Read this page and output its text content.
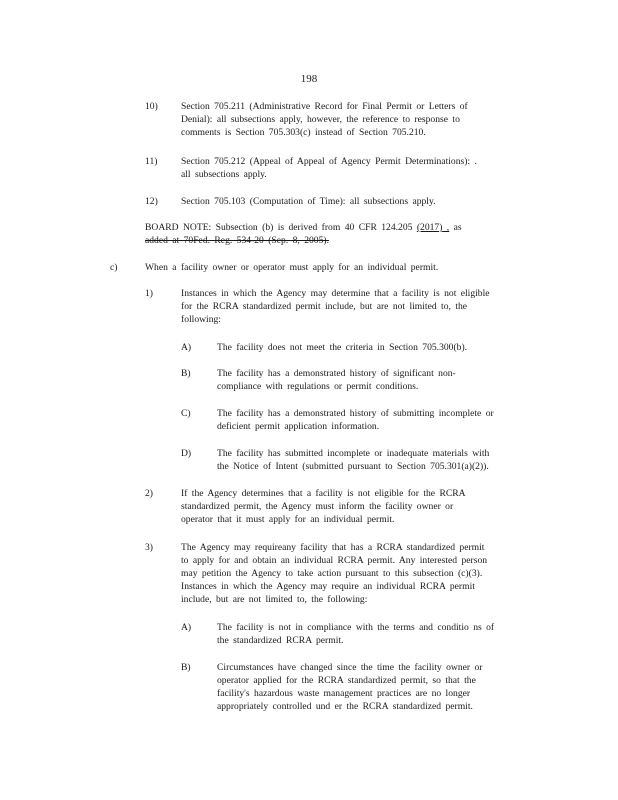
198
10) Section 705.211 (Administrative Record for Final Permit or Letters of
Denial): all subsections apply, however, the reference to response to
comments is Section 705.303(c) instead of Section 705.210.
11) Section 705.212 (Appeal of Appeal of Agency Permit Determinations): .
all subsections apply.
12) Section 705.103 (Computation of Time): all subsections apply.
BOARD NOTE: Subsection (b) is derived from 40 CFR 124.205 (2017) , as
added at 70Fed. Reg. 534-20 (Sep. 8, 2005).
c)	When a facility owner or operator must apply for an individual permit.
1)	Instances in which the Agency may determine that a facility is not eligible
for the RCRA standardized permit include, but are not limited to, the
following:
A)	The facility does not meet the criteria in Section 705.300(b).
B)	The facility has a demonstrated history of significant non-
compliance with regulations or permit conditions.
C)	The facility has a demonstrated history of submitting incomplete or
deficient permit application information.
D)	The facility has submitted incomplete or inadequate materials with
the Notice of Intent (submitted pursuant to Section 705.301(a)(2)).
2)	If the Agency determines that a facility is not eligible for the RCRA
standardized permit, the Agency must inform the facility owner or
operator that it must apply for an individual permit.
3)	The Agency may requireany facility that has a RCRA standardized permit
to apply for and obtain an individual RCRA permit. Any interested person
may petition the Agency to take action pursuant to this subsection (c)(3).
Instances in which the Agency may require an individual RCRA permit
include, but are not limited to, the following:
A)	The facility is not in compliance with the terms and conditio ns of
the standardized RCRA permit.
B)	Circumstances have changed since the time the facility owner or
operator applied for the RCRA standardized permit, so that the
facility's hazardous waste management practices are no longer
appropriately controlled und er the RCRA standardized permit.
